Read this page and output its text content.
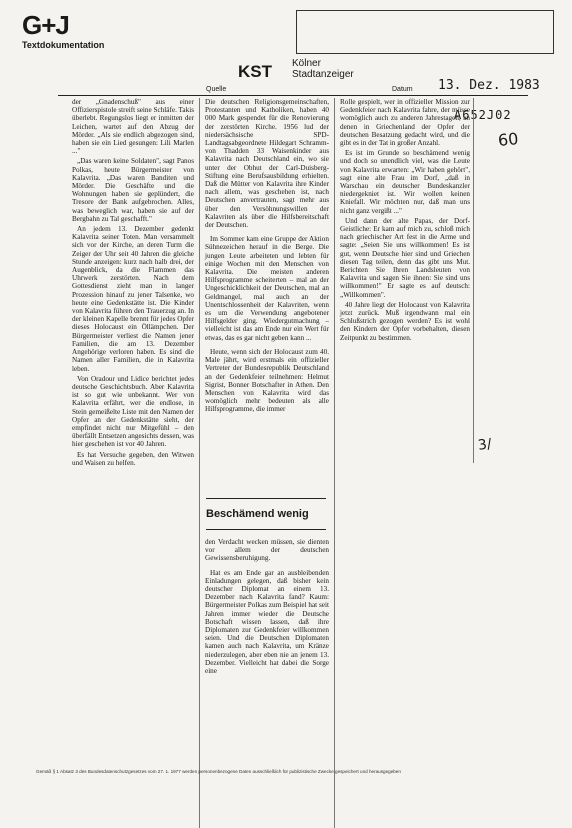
G+J
Textdokumentation
KST Kölner
Stadtanzeiger
Quelle	Datum 13. Dez. 1983
A652J02
60

der „Gnadenschuß" aus einer Offizierspistole streift seine Schläfe. Takis überlebt. Regungslos liegt er inmitten der Leichen, wartet auf den Abzug der Mörder. „Als sie endlich abgezogen sind, haben sie ein Lied gesungen: Lili Marlen ..."

„Das waren keine Soldaten", sagt Panos Polkas, heute Bürgermeister von Kalavrita. „Das waren Banditen und Mörder. Die Geschäfte und die Wohnungen haben sie geplündert, die Tresore der Bank aufgebrochen. Alles, was beweglich war, haben sie auf der Bergbahn zu Tal geschafft."

An jedem 13. Dezember gedenkt Kalavrita seiner Toten. Man versammelt sich vor der Kirche, an deren Turm die Zeiger der Uhr seit 40 Jahren die gleiche Stunde anzeigen: kurz nach halb drei, der Augenblick, da die Flammen das Uhrwerk zerstörten. Nach dem Gottesdienst zieht man in langer Prozession hinauf zu jener Talsenke, wo heute eine Gedenkstätte ist. Die Kinder von Kalavrita führen den Trauerzug an. In der kleinen Kapelle brennt für jedes Opfer dieses Holocaust ein Öllämpchen. Der Bürgermeister verliest die Namen jener Familien, die am 13. Dezember Angehörige verloren haben. Es sind die Namen aller Familien, die in Kalavrita leben.

Von Oradour und Lidice berichtet jedes deutsche Geschichtsbuch. Aber Kalavrita ist so gut wie unbekannt. Wer von Kalavrita erfährt, wer die endlose, in Stein gemeißelte Liste mit den Namen der Opfer an der Gedenkstätte sieht, der empfindet nicht nur Mitgefühl – den überfällt Entsetzen angesichts dessen, was hier geschehen ist vor 40 Jahren.

Es hat Versuche gegeben, den Witwen und Waisen zu helfen.

Die deutschen Religionsgemeinschaften, Protestanten und Katholiken, haben 40 000 Mark gespendet für die Renovierung der zerstörten Kirche. 1956 lud der niedersächsische SPD-Landtagsabgeordnete Hildegart Schramm-von Thadden 33 Waisenkinder aus Kalavrita nach Deutschland ein, wo sie unter der Obhut der Carl-Duisberg-Stiftung eine Berufsausbildung erhielten. Daß die Mütter von Kalavrita ihre Kinder nach allem, was geschehen ist, nach Deutschen anvertrauten, sagt mehr aus über den Versöhnungswillen der Kalavriten als über die Hilfsbereitschaft der Deutschen.

Im Sommer kam eine Gruppe der Aktion Sühnezeichen herauf in die Berge. Die jungen Leute arbeiteten und lebten für einige Wochen mit den Menschen von Kalavrita. Die meisten anderen Hilfsprogramme scheiterten – mal an der Ungeschicklichkeit der Deutschen, mal an Geldmangel, mal auch an der Unentschlossenheit der Kalavriten, wenn es um die Verwendung angebotener Hilfsgelder ging. Wiedergutmachung – vielleicht ist das am Ende nur ein Wert für etwas, das es gar nicht geben kann ...

Heute, wenn sich der Holocaust zum 40. Male jährt, wird erstmals ein offizieller Vertreter der Bundesrepublik Deutschland an der Gedenkfeier teilnehmen: Helmut Sigrist, Bonner Botschafter in Athen. Den Menschen von Kalavrita wird das womöglich mehr bedeuten als alle Hilfsprogramme, die immer

Beschämend wenig

den Verdacht wecken müssen, sie dienten vor allem der deutschen Gewissensberuhigung.

Hat es am Ende gar an ausbleibenden Einladungen gelegen, daß bisher kein deutscher Diplomat an einem 13. Dezember nach Kalavrita fand? Kaum: Bürgermeister Polkas zum Beispiel hat seit Jahren immer wieder die Deutsche Botschaft wissen lassen, daß ihre Diplomaten zur Gedenkfeier willkommen seien. Und die Deutschen Diplomaten kamen auch nach Kalavrita, um Kränze niederzulegen, aber eben nie an jenem 13. Dezember. Vielleicht hat dabei die Sorge eine

Rolle gespielt, wer in offizieller Mission zur Gedenkfeier nach Kalavrita fahre, der müsse womöglich auch zu anderen Jahrestagen, an denen in Griechenland der Opfer der deutschen Besatzung gedacht wird, und die gibt es in der Tat in großer Anzahl.

Es ist im Grunde so beschämend wenig und doch so unendlich viel, was die Leute von Kalavrita erwarten: „Wir haben gehört", sagt eine alte Frau im Dorf, „daß in Warschau ein deutscher Bundeskanzler niedergekniet ist. Wir wollen keinen Kniefall. Wir möchten nur, daß man uns nicht ganz vergißt ..."

Und dann der alte Papas, der Dorf-Geistliche: Er kam auf mich zu, schloß mich nach griechischer Art fest in die Arme und sagte: „Seien Sie uns willkommen! Es ist gut, wenn Deutsche hier sind und Griechen diesen Tag teilen, denn das gibt uns Mut. Berichten Sie Ihren Landsleuten von Kalavrita und sagen Sie ihnen: Sie sind uns willkommen!" Er sagte es auf deutsch: „Willkommen".

40 Jahre liegt der Holocaust von Kalavrita jetzt zurück. Muß irgendwann mal ein Schlußstrich gezogen werden? Es ist wohl den Kindern der Opfer vorbehalten, diesen Zeitpunkt zu bestimmen.

3/
Gemäß § 1 Absatz 3 des Bundesdatenschutzgesetzes vom 27. 1. 1977 werden personenbezogene Daten ausschließlich für publizistische Zwecke gespeichert und herausgegeben
